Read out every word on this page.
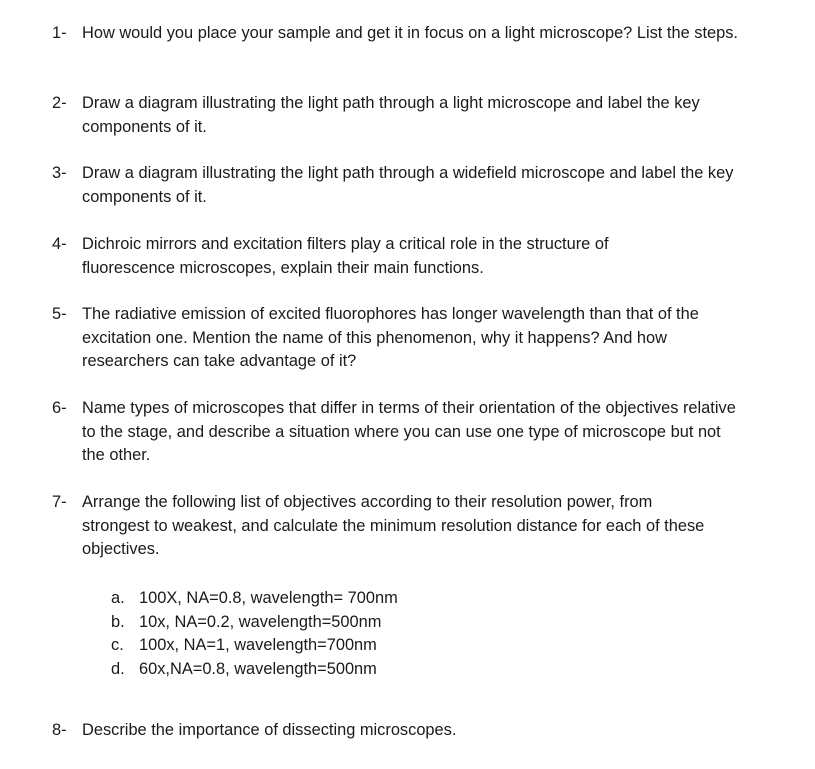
1- How would you place your sample and get it in focus on a light microscope? List the steps.
2- Draw a diagram illustrating the light path through a light microscope and label the key components of it.
3- Draw a diagram illustrating the light path through a widefield microscope and label the key components of it.
4- Dichroic mirrors and excitation filters play a critical role in the structure of fluorescence microscopes, explain their main functions.
5- The radiative emission of excited fluorophores has longer wavelength than that of the excitation one. Mention the name of this phenomenon, why it happens? And how researchers can take advantage of it?
6- Name types of microscopes that differ in terms of their orientation of the objectives relative to the stage, and describe a situation where you can use one type of microscope but not the other.
7- Arrange the following list of objectives according to their resolution power, from strongest to weakest, and calculate the minimum resolution distance for each of these objectives.
a. 100X, NA=0.8, wavelength= 700nm
b. 10x, NA=0.2, wavelength=500nm
c. 100x, NA=1, wavelength=700nm
d. 60x,NA=0.8, wavelength=500nm
8- Describe the importance of dissecting microscopes.
